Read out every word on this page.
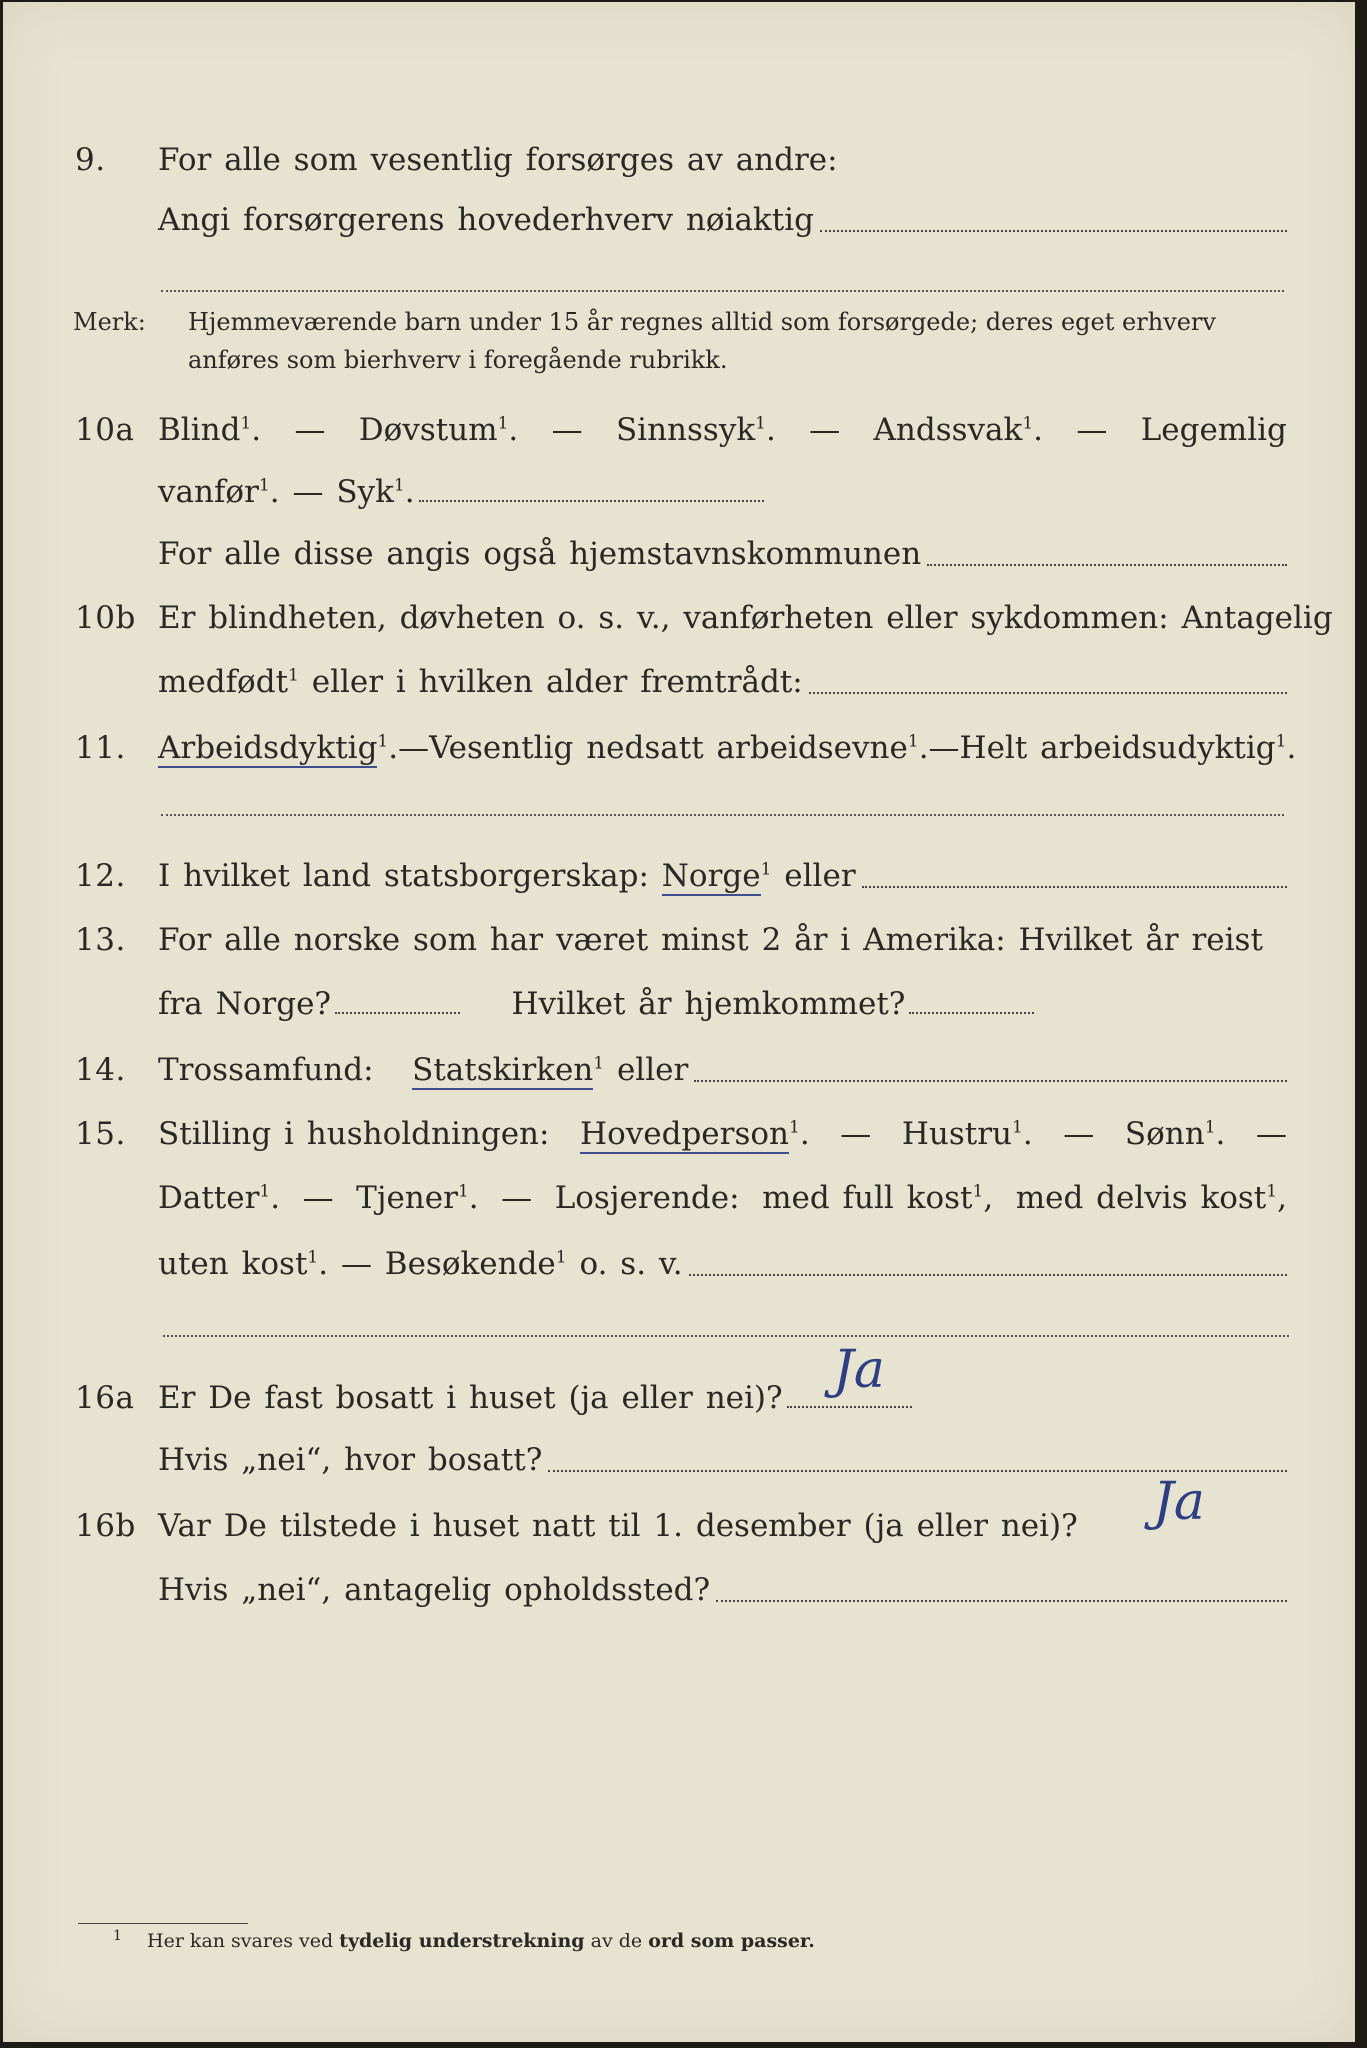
9. For alle som vesentlig forsørges av andre:
Angi forsørgerens hovederhverv nøiaktig
Merk: Hjemmeværende barn under 15 år regnes alltid som forsørgede; deres eget erhverv
anføres som bierhverv i foregående rubrikk.
10a Blind$^1$. — Døvstum$^1$. — Sinnssyk$^1$. — Andssvak$^1$. — Legemlig
vanfør$^1$. — Syk$^1$.
For alle disse angis også hjemstavnskommunen
10b Er blindheten, døvheten o. s. v., vanførheten eller sykdommen: Antagelig
medfødt$^1$ eller i hvilken alder fremtrådt:
11. Arbeidsdyktig$^1$. — Vesentlig nedsatt arbeidsevne$^1$. — Helt arbeidsudyktig$^1$.
12. I hvilket land statsborgerskap: Norge$^1$ eller
13. For alle norske som har været minst 2 år i Amerika: Hvilket år reist
fra Norge?	Hvilket år hjemkommet?
14. Trossamfund: Statskirken$^1$ eller
15. Stilling i husholdningen: Hovedperson$^1$. — Hustru$^1$. — Sønn$^1$. —
Datter$^1$. — Tjener$^1$. — Losjerende: med full kost$^1$, med delvis kost$^1$,
uten kost$^1$. — Besøkende$^1$ o. s. v.
16a Er De fast bosatt i huset (ja eller nei)? Ja
Hvis „nei“, hvor bosatt?
16b Var De tilstede i huset natt til 1. desember (ja eller nei)?	Ja
Hvis „nei“, antagelig opholdssted?
1 Her kan svares ved tydelig understrekning av de ord som passer.
